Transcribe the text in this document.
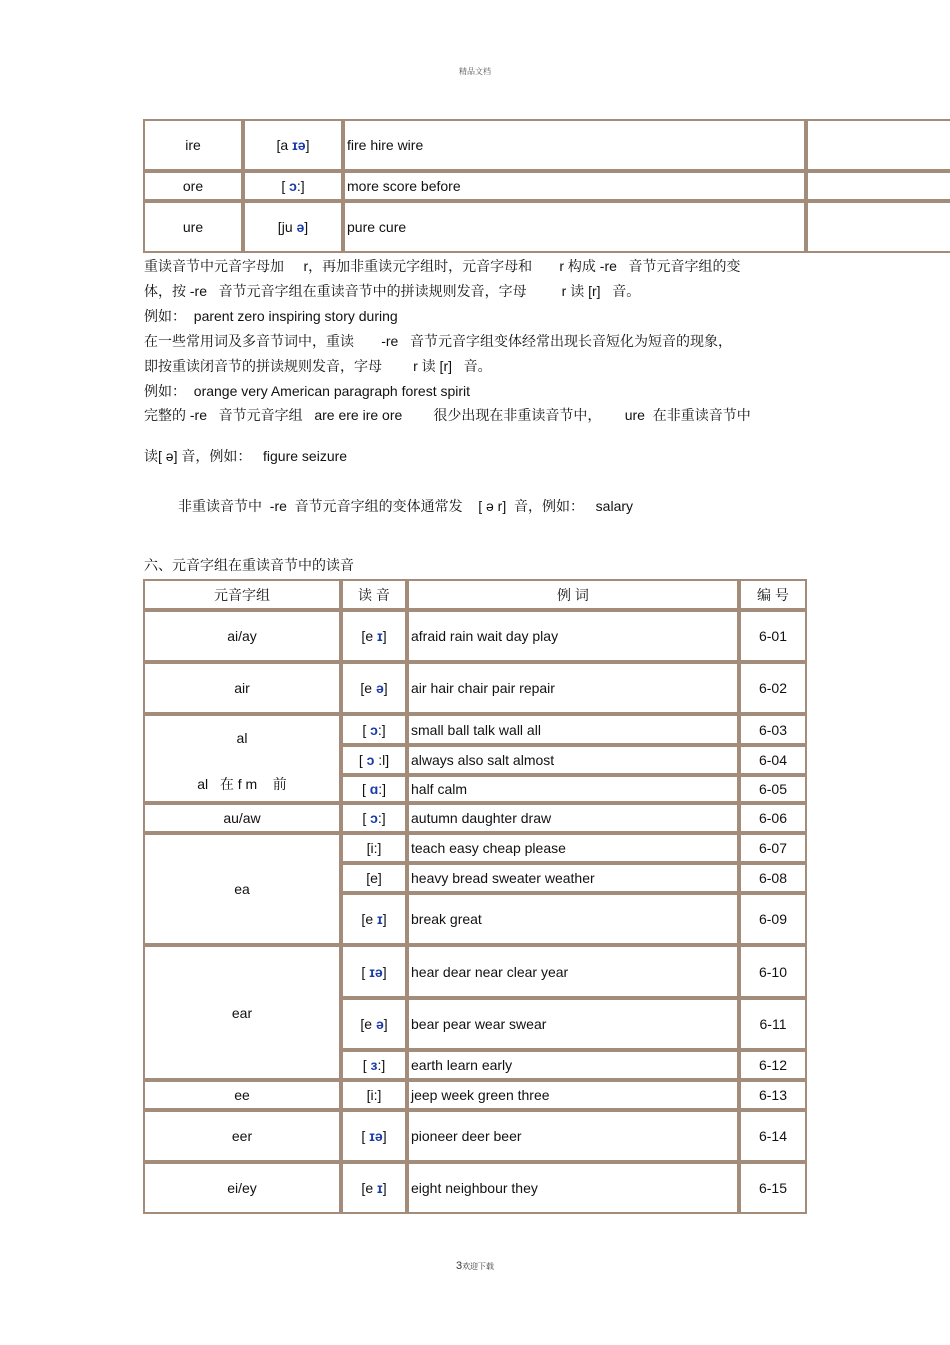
精品文档
ire	[a ɪə]	fire hire wire	
ore	[ ɔ:]	more score before	
ure	[ju ə]	pure cure	
重读音节中元音字母加     r，再加非重读元字组时，元音字母和       r 构成 -re   音节元音字组的变
体，按 -re   音节元音字组在重读音节中的拼读规则发音，字母         r 读 [r]   音。
例如：  parent zero inspiring story during
在一些常用词及多音节词中，重读       -re   音节元音字组变体经常出现长音短化为短音的现象，
即按重读闭音节的拼读规则发音，字母        r 读 [r]   音。
例如：  orange very American paragraph forest spirit
完整的 -re   音节元音字组   are ere ire ore        很少出现在非重读音节中，      ure  在非重读音节中
读[ ə] 音，例如：   figure seizure
非重读音节中  -re  音节元音字组的变体通常发    [ ə r]  音，例如：   salary
六、元音字组在重读音节中的读音
元音字组	读 音	例 词	编 号
ai/ay	[e ɪ]	afraid rain wait day play	6-01
air	[e ə]	air hair chair pair repair	6-02

al
al   在 f m    前	[ ɔ:]	small ball talk wall all	6-03
	[ ɔ :l]	always also salt almost	6-04
	[ ɑ:]	half calm	6-05
au/aw	[ ɔ:]	autumn daughter draw	6-06
ea	[i:]	teach easy cheap please	6-07
	[e]	heavy bread sweater weather	6-08
	[e ɪ]	break great	6-09
ear	[ ɪə]	hear dear near clear year	6-10
	[e ə]	bear pear wear swear	6-11
	[ ɜ:]	earth learn early	6-12
ee	[i:]	jeep week green three	6-13
eer	[ ɪə]	pioneer deer beer	6-14
ei/ey	[e ɪ]	eight neighbour they	6-15
3欢迎下载
